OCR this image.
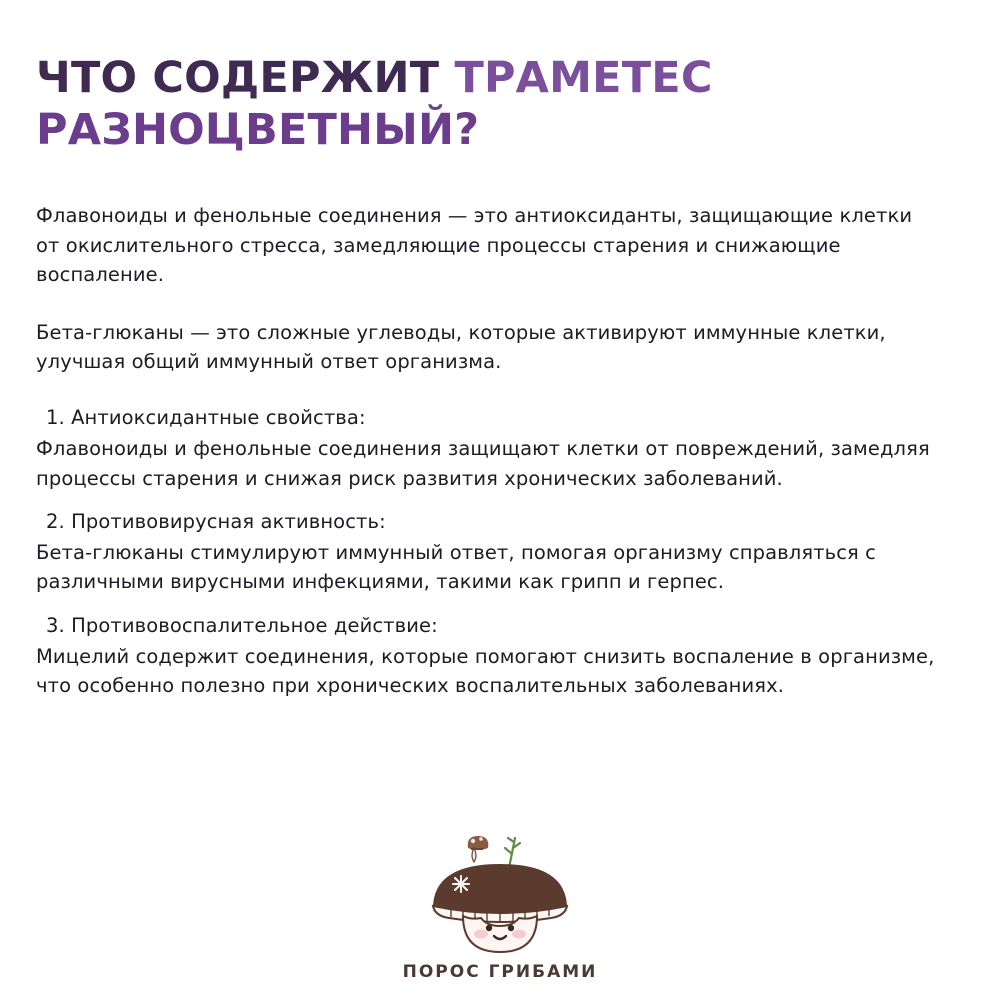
ЧТО СОДЕРЖИТ ТРАМЕТЕС
РАЗНОЦВЕТНЫЙ?

Флавоноиды и фенольные соединения — это антиоксиданты, защищающие клетки от окислительного стресса, замедляющие процессы старения и снижающие воспаление.

Бета-глюканы — это сложные углеводы, которые активируют иммунные клетки, улучшая общий иммунный ответ организма.

1. Антиоксидантные свойства:

Флавоноиды и фенольные соединения защищают клетки от повреждений, замедляя процессы старения и снижая риск развития хронических заболеваний.

2. Противовирусная активность:

Бета-глюканы стимулируют иммунный ответ, помогая организму справляться с различными вирусными инфекциями, такими как грипп и герпес.

3. Противовоспалительное действие:

Мицелий содержит соединения, которые помогают снизить воспаление в организме, что особенно полезно при хронических воспалительных заболеваниях.

ПОРОС ГРИБАМИ
